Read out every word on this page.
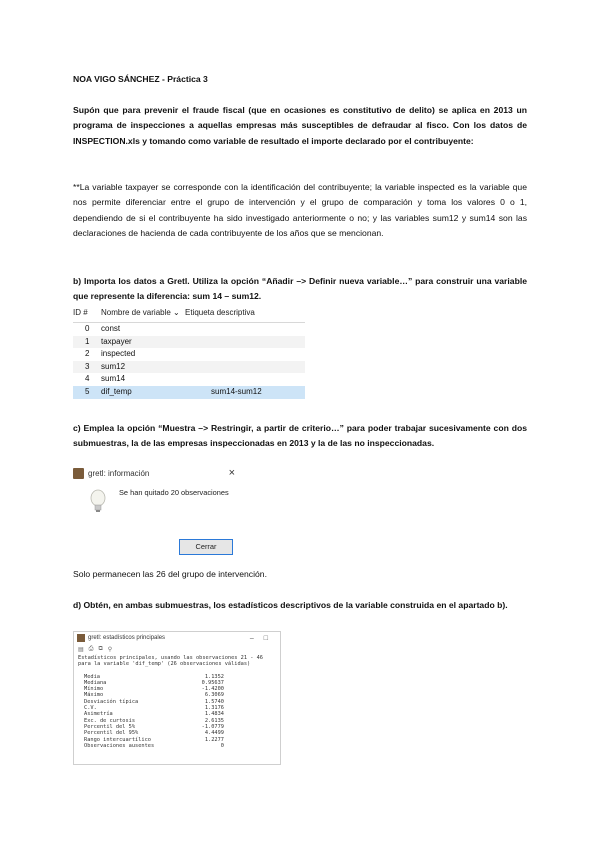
NOA VIGO SÁNCHEZ - Práctica 3
Supón que para prevenir el fraude fiscal (que en ocasiones es constitutivo de delito) se aplica en 2013 un programa de inspecciones a aquellas empresas más susceptibles de defraudar al fisco. Con los datos de INSPECTION.xls y tomando como variable de resultado el importe declarado por el contribuyente:
**La variable taxpayer se corresponde con la identificación del contribuyente; la variable inspected es la variable que nos permite diferenciar entre el grupo de intervención y el grupo de comparación y toma los valores 0 o 1, dependiendo de si el contribuyente ha sido investigado anteriormente o no; y las variables sum12 y sum14 son las declaraciones de hacienda de cada contribuyente de los años que se mencionan.
b) Importa los datos a Gretl. Utiliza la opción “Añadir –> Definir nueva variable…” para construir una variable que represente la diferencia: sum 14 – sum12.
ID #	Nombre de variable ⌄ Etiqueta descriptiva
0	const
1	taxpayer
2	inspected
3	sum12
4	sum14
5	dif_temp	sum14-sum12
c) Emplea la opción “Muestra –> Restringir, a partir de criterio…” para poder trabajar sucesivamente con dos submuestras, la de las empresas inspeccionadas en 2013 y la de las no inspeccionadas.
gretl: información	×
Se han quitado 20 observaciones
Cerrar
Solo permanecen las 26 del grupo de intervención.
d) Obtén, en ambas submuestras, los estadísticos descriptivos de la variable construida en el apartado b).
gretl: estadísticos principales	–□
▤ ⎙ ⧉ ⚲
Estadísticos principales, usando las observaciones 21 - 46
para la variable 'dif_temp' (26 observaciones válidas)
Media	1.1352
Mediana	0.95637
Mínimo	-1.4200
Máximo	6.3069
Desviación típica	1.5740
C.V.	1.3176
Asimetría	1.4834
Exc. de curtosis	2.6135
Percentil del 5%	-1.0779
Percentil del 95%	4.4499
Rango intercuartílico	1.2277
Observaciones ausentes	0
